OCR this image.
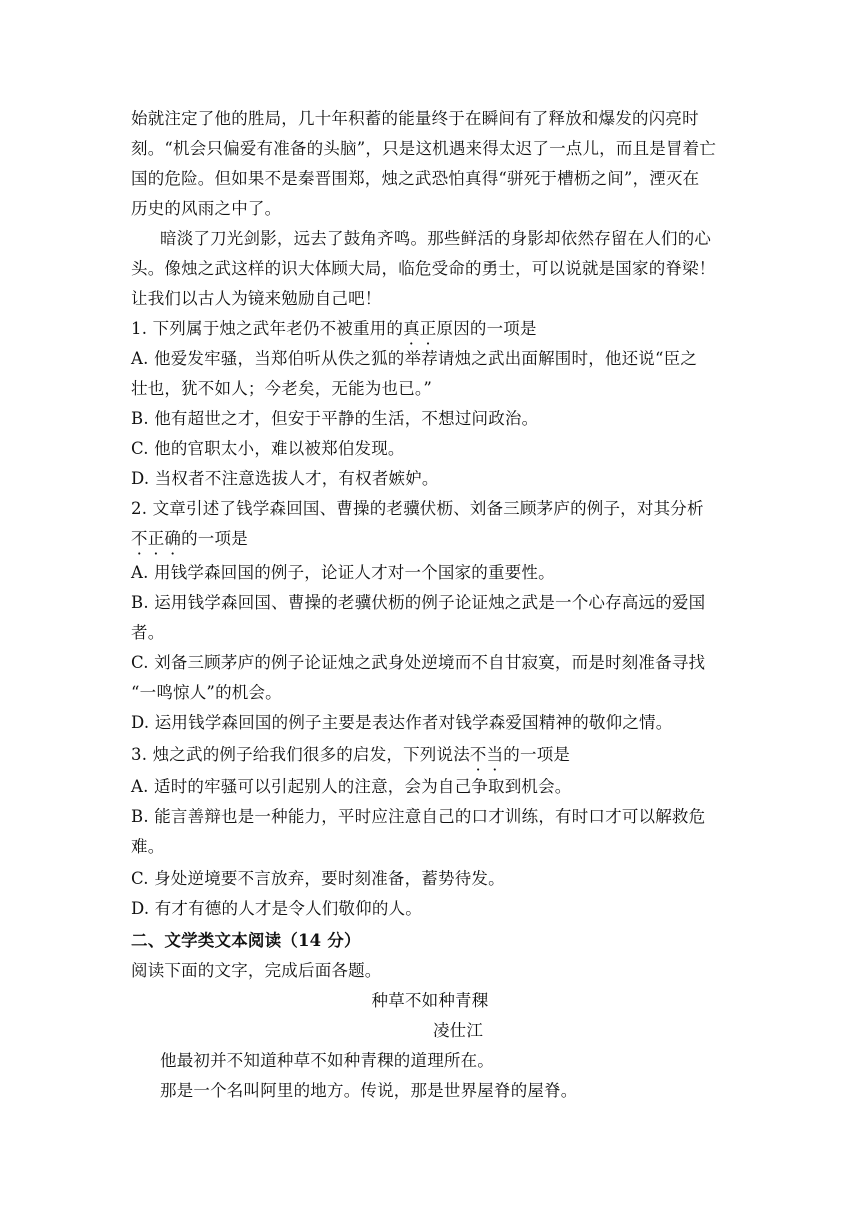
始就注定了他的胜局，几十年积蓄的能量终于在瞬间有了释放和爆发的闪亮时
刻。“机会只偏爱有准备的头脑”，只是这机遇来得太迟了一点儿，而且是冒着亡
国的危险。但如果不是秦晋围郑，烛之武恐怕真得“骈死于槽枥之间”，湮灭在
历史的风雨之中了。
暗淡了刀光剑影，远去了鼓角齐鸣。那些鲜活的身影却依然存留在人们的心
头。像烛之武这样的识大体顾大局，临危受命的勇士，可以说就是国家的脊梁！
让我们以古人为镜来勉励自己吧！
1. 下列属于烛之武年老仍不被重用的真正原因的一项是
A. 他爱发牢骚，当郑伯听从佚之狐的举荐请烛之武出面解围时，他还说“臣之
壮也，犹不如人；今老矣，无能为也已。”
B. 他有超世之才，但安于平静的生活，不想过问政治。
C. 他的官职太小，难以被郑伯发现。
D. 当权者不注意选拔人才，有权者嫉妒。
2. 文章引述了钱学森回国、曹操的老骥伏枥、刘备三顾茅庐的例子，对其分析
不正确的一项是
A. 用钱学森回国的例子，论证人才对一个国家的重要性。
B. 运用钱学森回国、曹操的老骥伏枥的例子论证烛之武是一个心存高远的爱国
者。
C. 刘备三顾茅庐的例子论证烛之武身处逆境而不自甘寂寞，而是时刻准备寻找
“一鸣惊人”的机会。
D. 运用钱学森回国的例子主要是表达作者对钱学森爱国精神的敬仰之情。
3. 烛之武的例子给我们很多的启发，下列说法不当的一项是
A. 适时的牢骚可以引起别人的注意，会为自己争取到机会。
B. 能言善辩也是一种能力，平时应注意自己的口才训练，有时口才可以解救危
难。
C. 身处逆境要不言放弃，要时刻准备，蓄势待发。
D. 有才有德的人才是令人们敬仰的人。
二、文学类文本阅读（14 分）
阅读下面的文字，完成后面各题。
种草不如种青稞
凌仕江
他最初并不知道种草不如种青稞的道理所在。
那是一个名叫阿里的地方。传说，那是世界屋脊的屋脊。
